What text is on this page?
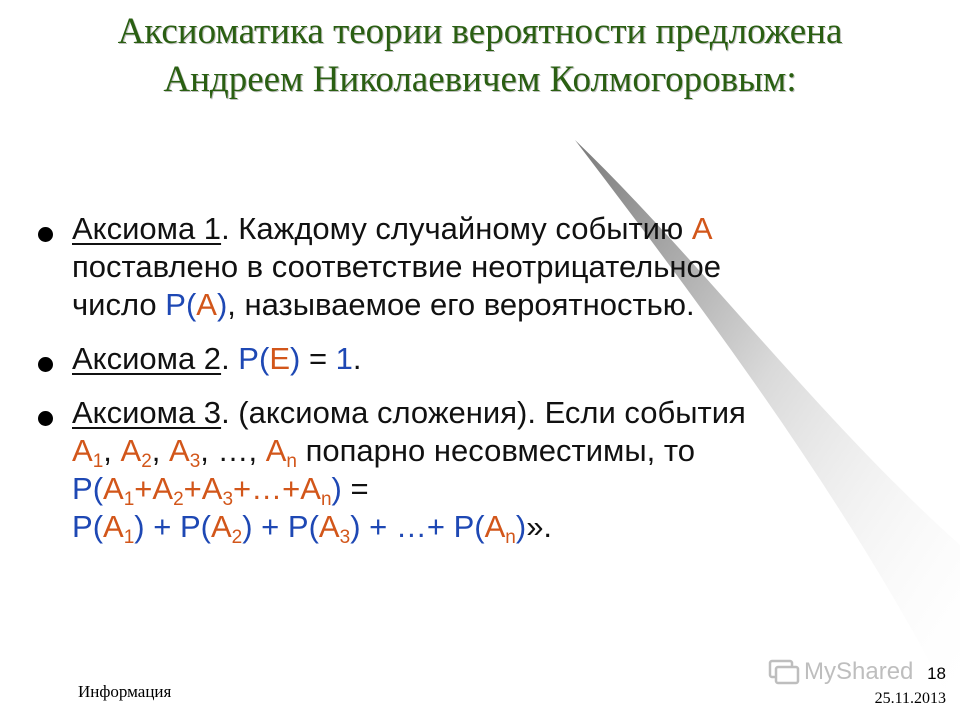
Аксиоматика теории вероятности предложена
Андреем Николаевичем Колмогоровым:
Аксиома 1. Каждому случайному событию А
поставлено в соответствие неотрицательное
число Р(А), называемое его вероятностью.
Аксиома 2. Р(Е) = 1.
Аксиома 3. (аксиома сложения). Если события
$А_1$, $А_2$, $А_3$, …, $А_n$ попарно несовместимы, то
$Р(А_1+А_2+А_3+\dots+А_n)$ =
$Р(А_1) + Р(А_2) + Р(А_3)$ + …+ $Р(А_n)$».
Информация
MyShared 18
25.11.2013
